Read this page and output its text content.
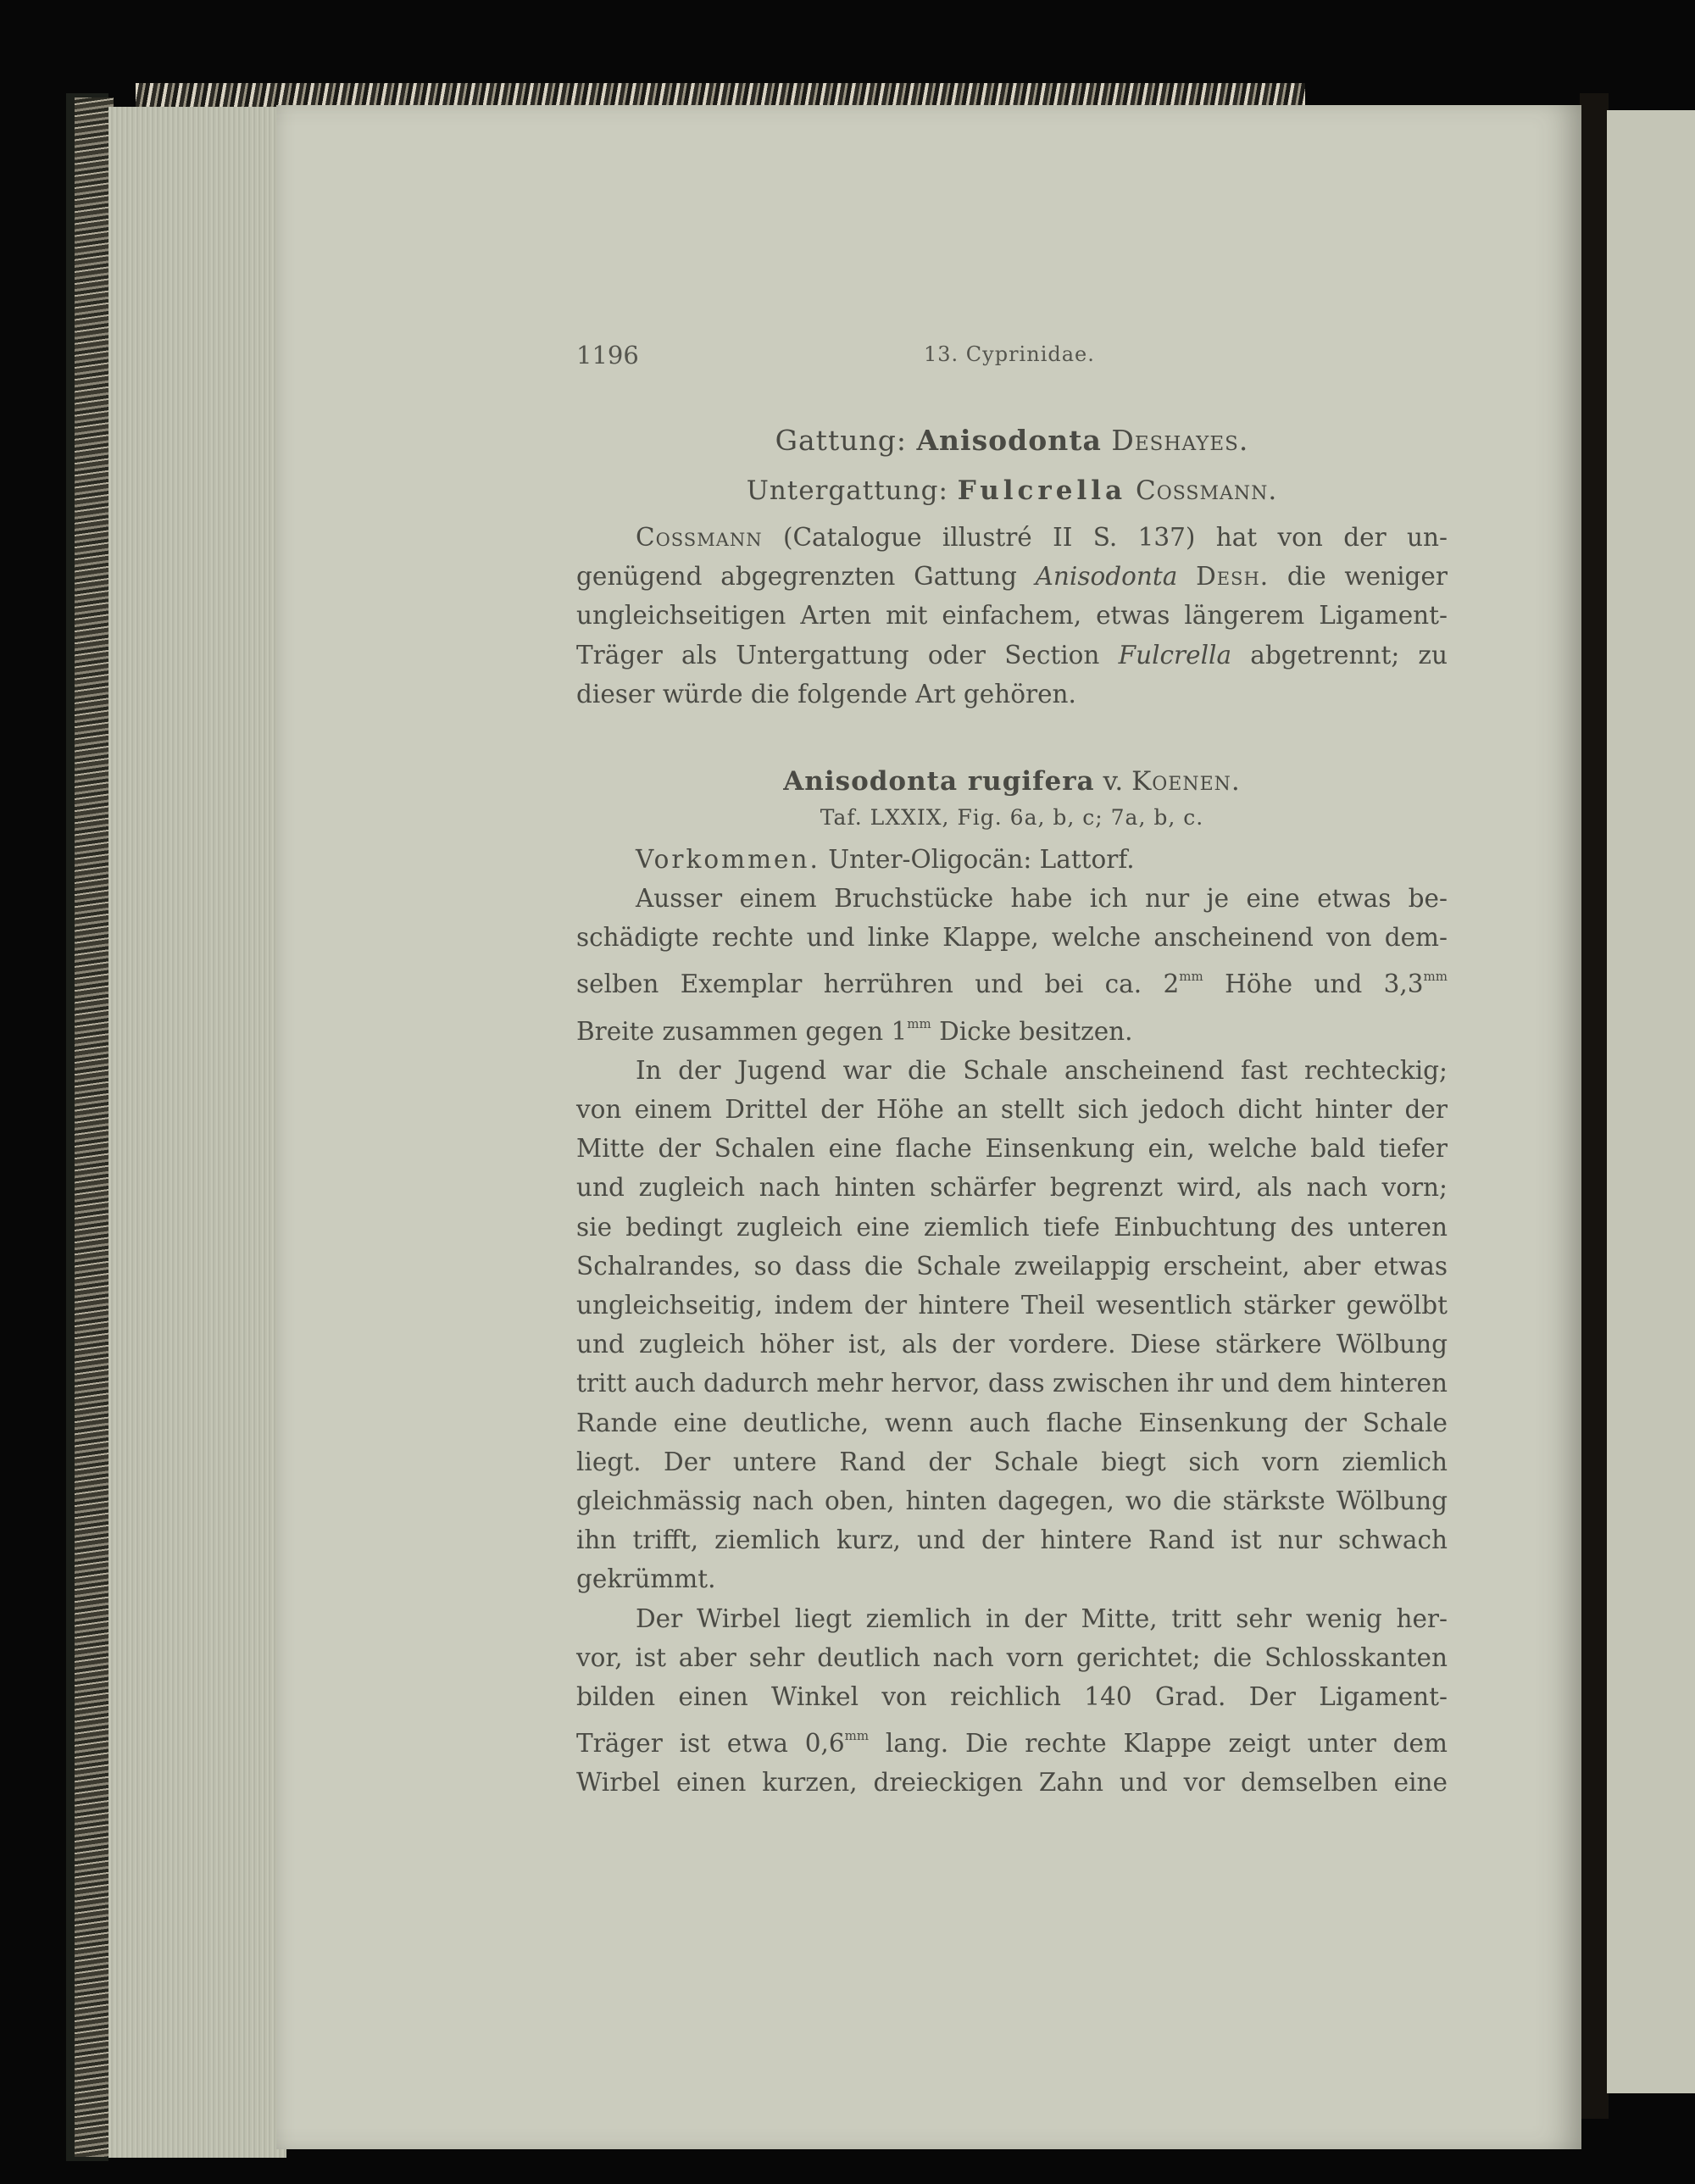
1196	13. Cyprinidae.
Gattung: Anisodonta Deshayes.
Untergattung: Fulcrella Cossmann.

Cossmann (Catalogue illustré II S. 137) hat von der un-
genügend abgegrenzten Gattung Anisodonta Desh. die weniger
ungleichseitigen Arten mit einfachem, etwas längerem Ligament-
Träger als Untergattung oder Section Fulcrella abgetrennt; zu
dieser würde die folgende Art gehören.

Anisodonta rugifera v. Koenen.
Taf. LXXIX, Fig. 6a, b, c; 7a, b, c.
Vorkommen. Unter-Oligocän: Lattorf.

Ausser einem Bruchstücke habe ich nur je eine etwas be-
schädigte rechte und linke Klappe, welche anscheinend von dem-
selben Exemplar herrühren und bei ca. $2^{mm}$ Höhe und $3,3^{mm}$
Breite zusammen gegen $1^{mm}$ Dicke besitzen.

In der Jugend war die Schale anscheinend fast rechteckig;
von einem Drittel der Höhe an stellt sich jedoch dicht hinter der
Mitte der Schalen eine flache Einsenkung ein, welche bald tiefer
und zugleich nach hinten schärfer begrenzt wird, als nach vorn;
sie bedingt zugleich eine ziemlich tiefe Einbuchtung des unteren
Schalrandes, so dass die Schale zweilappig erscheint, aber etwas
ungleichseitig, indem der hintere Theil wesentlich stärker gewölbt
und zugleich höher ist, als der vordere. Diese stärkere Wölbung
tritt auch dadurch mehr hervor, dass zwischen ihr und dem hinteren
Rande eine deutliche, wenn auch flache Einsenkung der Schale
liegt. Der untere Rand der Schale biegt sich vorn ziemlich
gleichmässig nach oben, hinten dagegen, wo die stärkste Wölbung
ihn trifft, ziemlich kurz, und der hintere Rand ist nur schwach
gekrümmt.

Der Wirbel liegt ziemlich in der Mitte, tritt sehr wenig her-
vor, ist aber sehr deutlich nach vorn gerichtet; die Schlosskanten
bilden einen Winkel von reichlich 140 Grad. Der Ligament-
Träger ist etwa $0,6^{mm}$ lang. Die rechte Klappe zeigt unter dem
Wirbel einen kurzen, dreieckigen Zahn und vor demselben eine
